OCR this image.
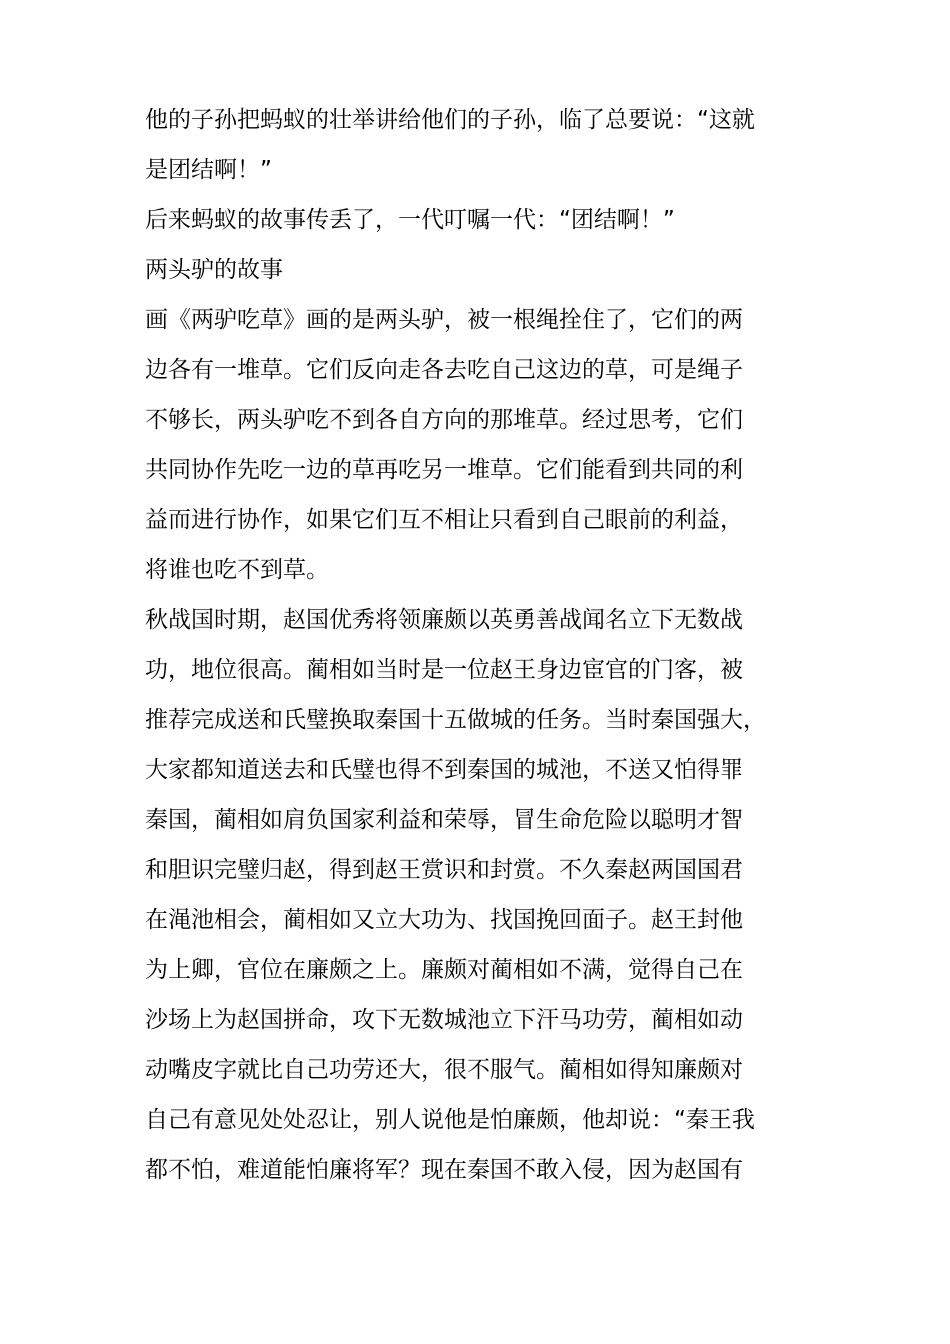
他的子孙把蚂蚁的壮举讲给他们的子孙，临了总要说：“这就
是团结啊！”
后来蚂蚁的故事传丢了，一代叮嘱一代：“团结啊！”
两头驴的故事
画《两驴吃草》画的是两头驴，被一根绳拴住了，它们的两
边各有一堆草。它们反向走各去吃自己这边的草，可是绳子
不够长，两头驴吃不到各自方向的那堆草。经过思考，它们
共同协作先吃一边的草再吃另一堆草。它们能看到共同的利
益而进行协作，如果它们互不相让只看到自己眼前的利益，
将谁也吃不到草。
秋战国时期，赵国优秀将领廉颇以英勇善战闻名立下无数战
功，地位很高。蔺相如当时是一位赵王身边宦官的门客，被
推荐完成送和氏璧换取秦国十五做城的任务。当时秦国强大，
大家都知道送去和氏璧也得不到秦国的城池，不送又怕得罪
秦国，蔺相如肩负国家利益和荣辱，冒生命危险以聪明才智
和胆识完璧归赵，得到赵王赏识和封赏。不久秦赵两国国君
在渑池相会，蔺相如又立大功为、找国挽回面子。赵王封他
为上卿，官位在廉颇之上。廉颇对蔺相如不满，觉得自己在
沙场上为赵国拼命，攻下无数城池立下汗马功劳，蔺相如动
动嘴皮字就比自己功劳还大，很不服气。蔺相如得知廉颇对
自己有意见处处忍让，别人说他是怕廉颇，他却说：“秦王我
都不怕，难道能怕廉将军？现在秦国不敢入侵，因为赵国有
